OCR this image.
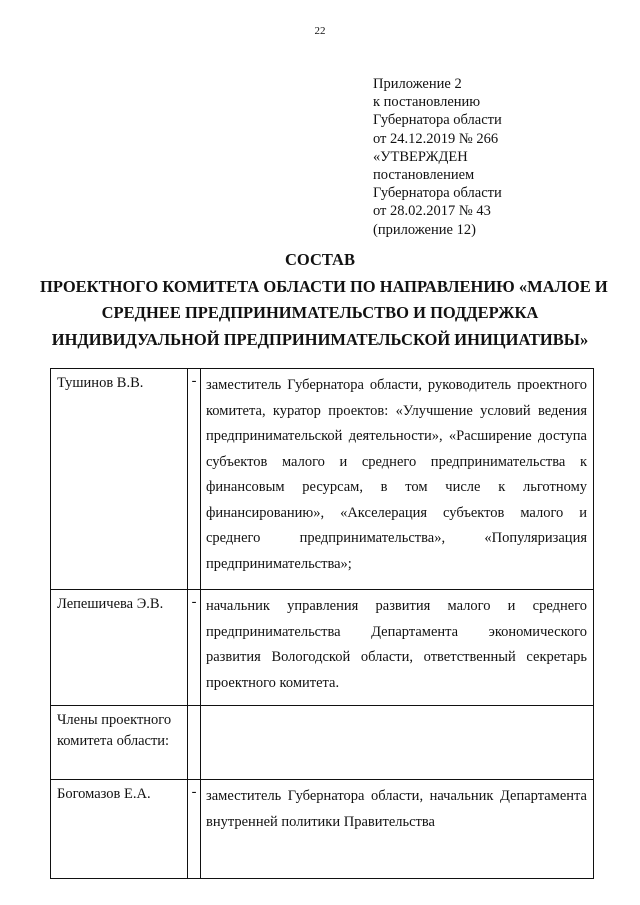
22
Приложение 2
к постановлению
Губернатора области
от 24.12.2019 № 266
«УТВЕРЖДЕН
постановлением
Губернатора области
от 28.02.2017 № 43
(приложение 12)
СОСТАВ
ПРОЕКТНОГО КОМИТЕТА ОБЛАСТИ ПО НАПРАВЛЕНИЮ «МАЛОЕ И
СРЕДНЕЕ ПРЕДПРИНИМАТЕЛЬСТВО И ПОДДЕРЖКА
ИНДИВИДУАЛЬНОЙ ПРЕДПРИНИМАТЕЛЬСКОЙ ИНИЦИАТИВЫ»
Тушинов В.В.	-	заместитель Губернатора области, руководитель проектного комитета, куратор проектов: «Улучшение условий ведения предпринимательской деятельности», «Расширение доступа субъектов малого и среднего предпринимательства к финансовым ресурсам, в том числе к льготному финансированию», «Акселерация субъектов малого и среднего предпринимательства», «Популяризация предпринимательства»;

Лепешичева Э.В.	-	начальник управления развития малого и среднего предпринимательства Департамента экономического развития Вологодской области, ответственный секретарь проектного комитета.

Члены проектного комитета области:		

Богомазов Е.А.	-	заместитель Губернатора области, начальник Департамента внутренней политики Правительства
